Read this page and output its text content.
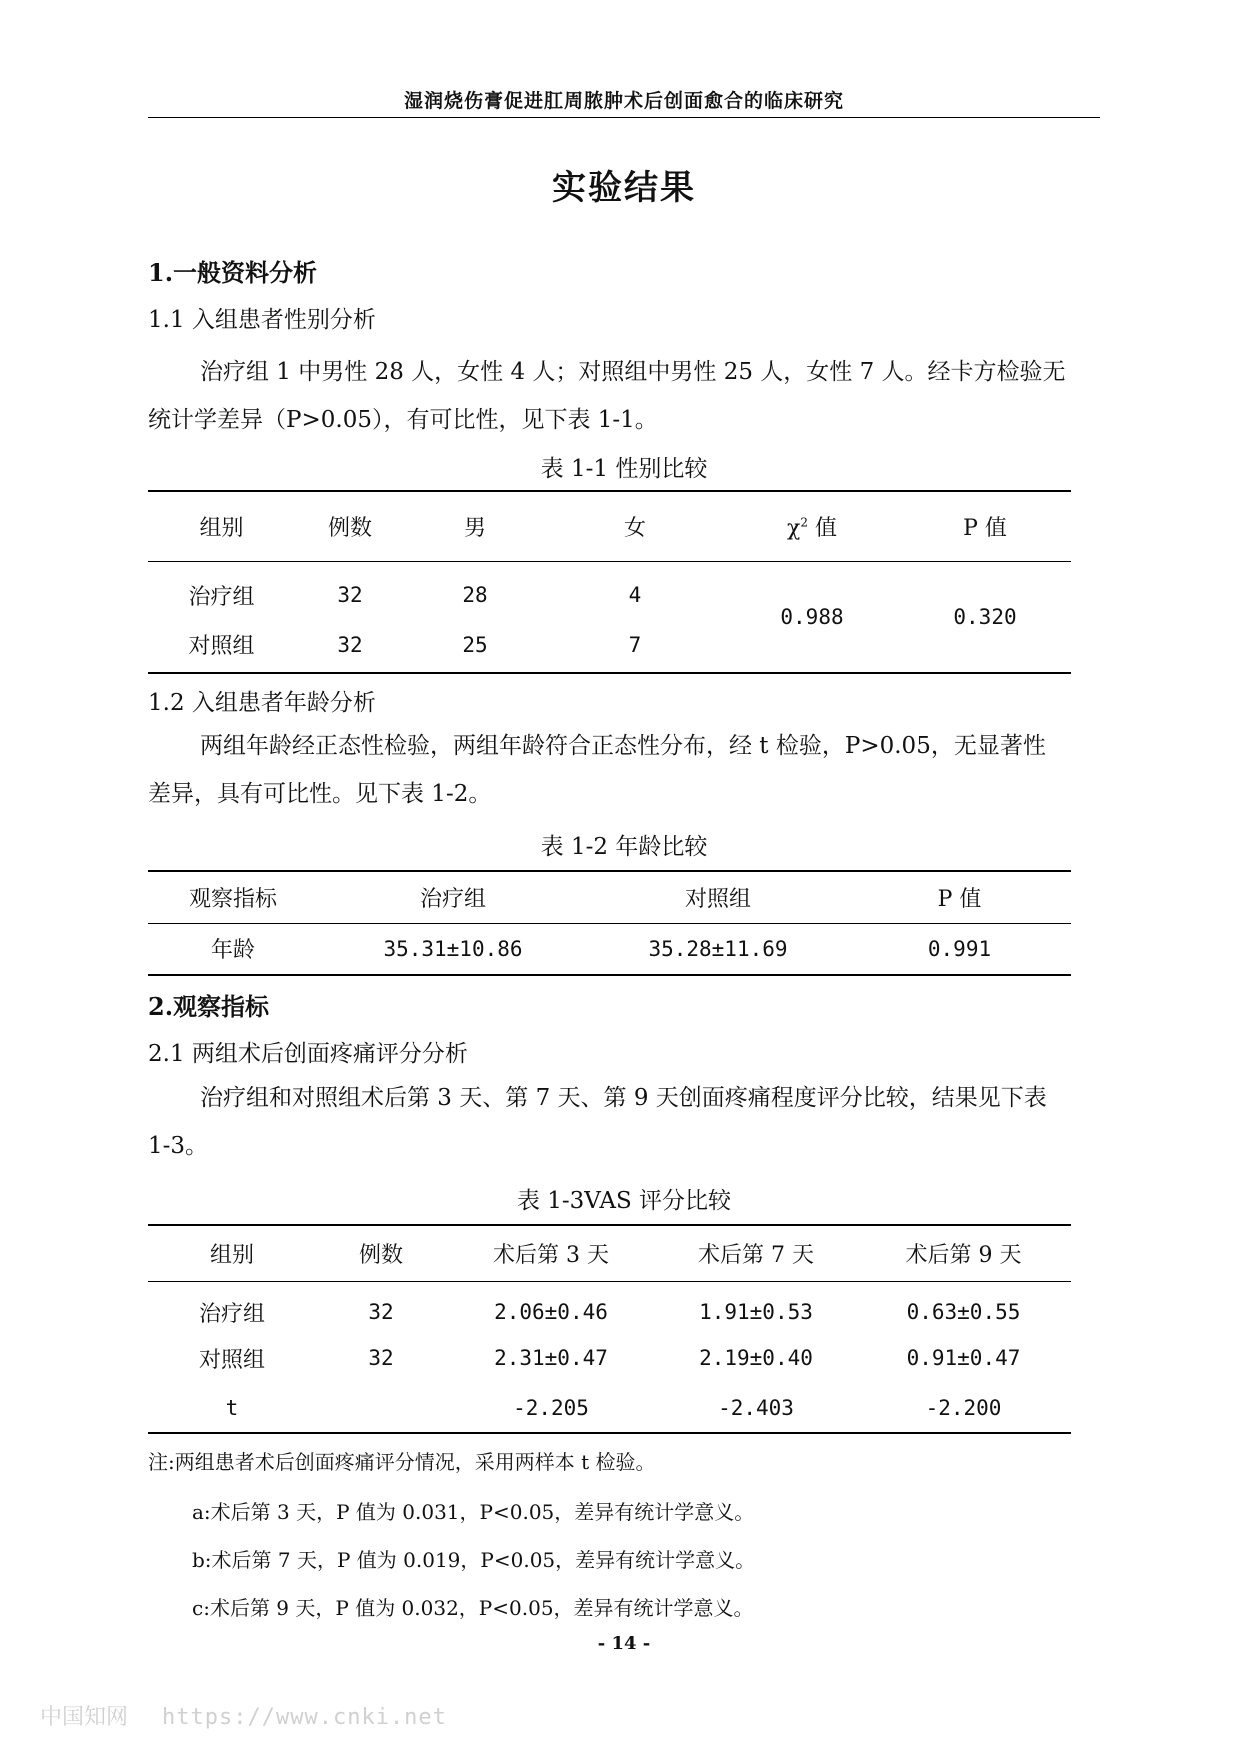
湿润烧伤膏促进肛周脓肿术后创面愈合的临床研究
实验结果
1.一般资料分析
1.1 入组患者性别分析
治疗组 1 中男性 28 人，女性 4 人；对照组中男性 25 人，女性 7 人。经卡方检验无
统计学差异（P>0.05），有可比性，见下表 1-1。
表 1-1 性别比较
组别	例数	男	女	$\chi^2$ 值	P 值
治疗组	32	28	4	0.988	0.320
对照组	32	25	7		
1.2 入组患者年龄分析
两组年龄经正态性检验，两组年龄符合正态性分布，经 t 检验，P>0.05，无显著性
差异，具有可比性。见下表 1-2。
表 1-2 年龄比较
观察指标	治疗组	对照组	P 值
年龄	35.31±10.86	35.28±11.69	0.991
2.观察指标
2.1 两组术后创面疼痛评分分析
治疗组和对照组术后第 3 天、第 7 天、第 9 天创面疼痛程度评分比较，结果见下表
1-3。
表 1-3VAS 评分比较
组别	例数	术后第 3 天	术后第 7 天	术后第 9 天
治疗组	32	2.06±0.46	1.91±0.53	0.63±0.55
对照组	32	2.31±0.47	2.19±0.40	0.91±0.47
t		-2.205	-2.403	-2.200
注:两组患者术后创面疼痛评分情况，采用两样本 t 检验。
a:术后第 3 天，P 值为 0.031，P<0.05，差异有统计学意义。
b:术后第 7 天，P 值为 0.019，P<0.05，差异有统计学意义。
c:术后第 9 天，P 值为 0.032，P<0.05，差异有统计学意义。
- 14 -
中国知网 https://www.cnki.net
